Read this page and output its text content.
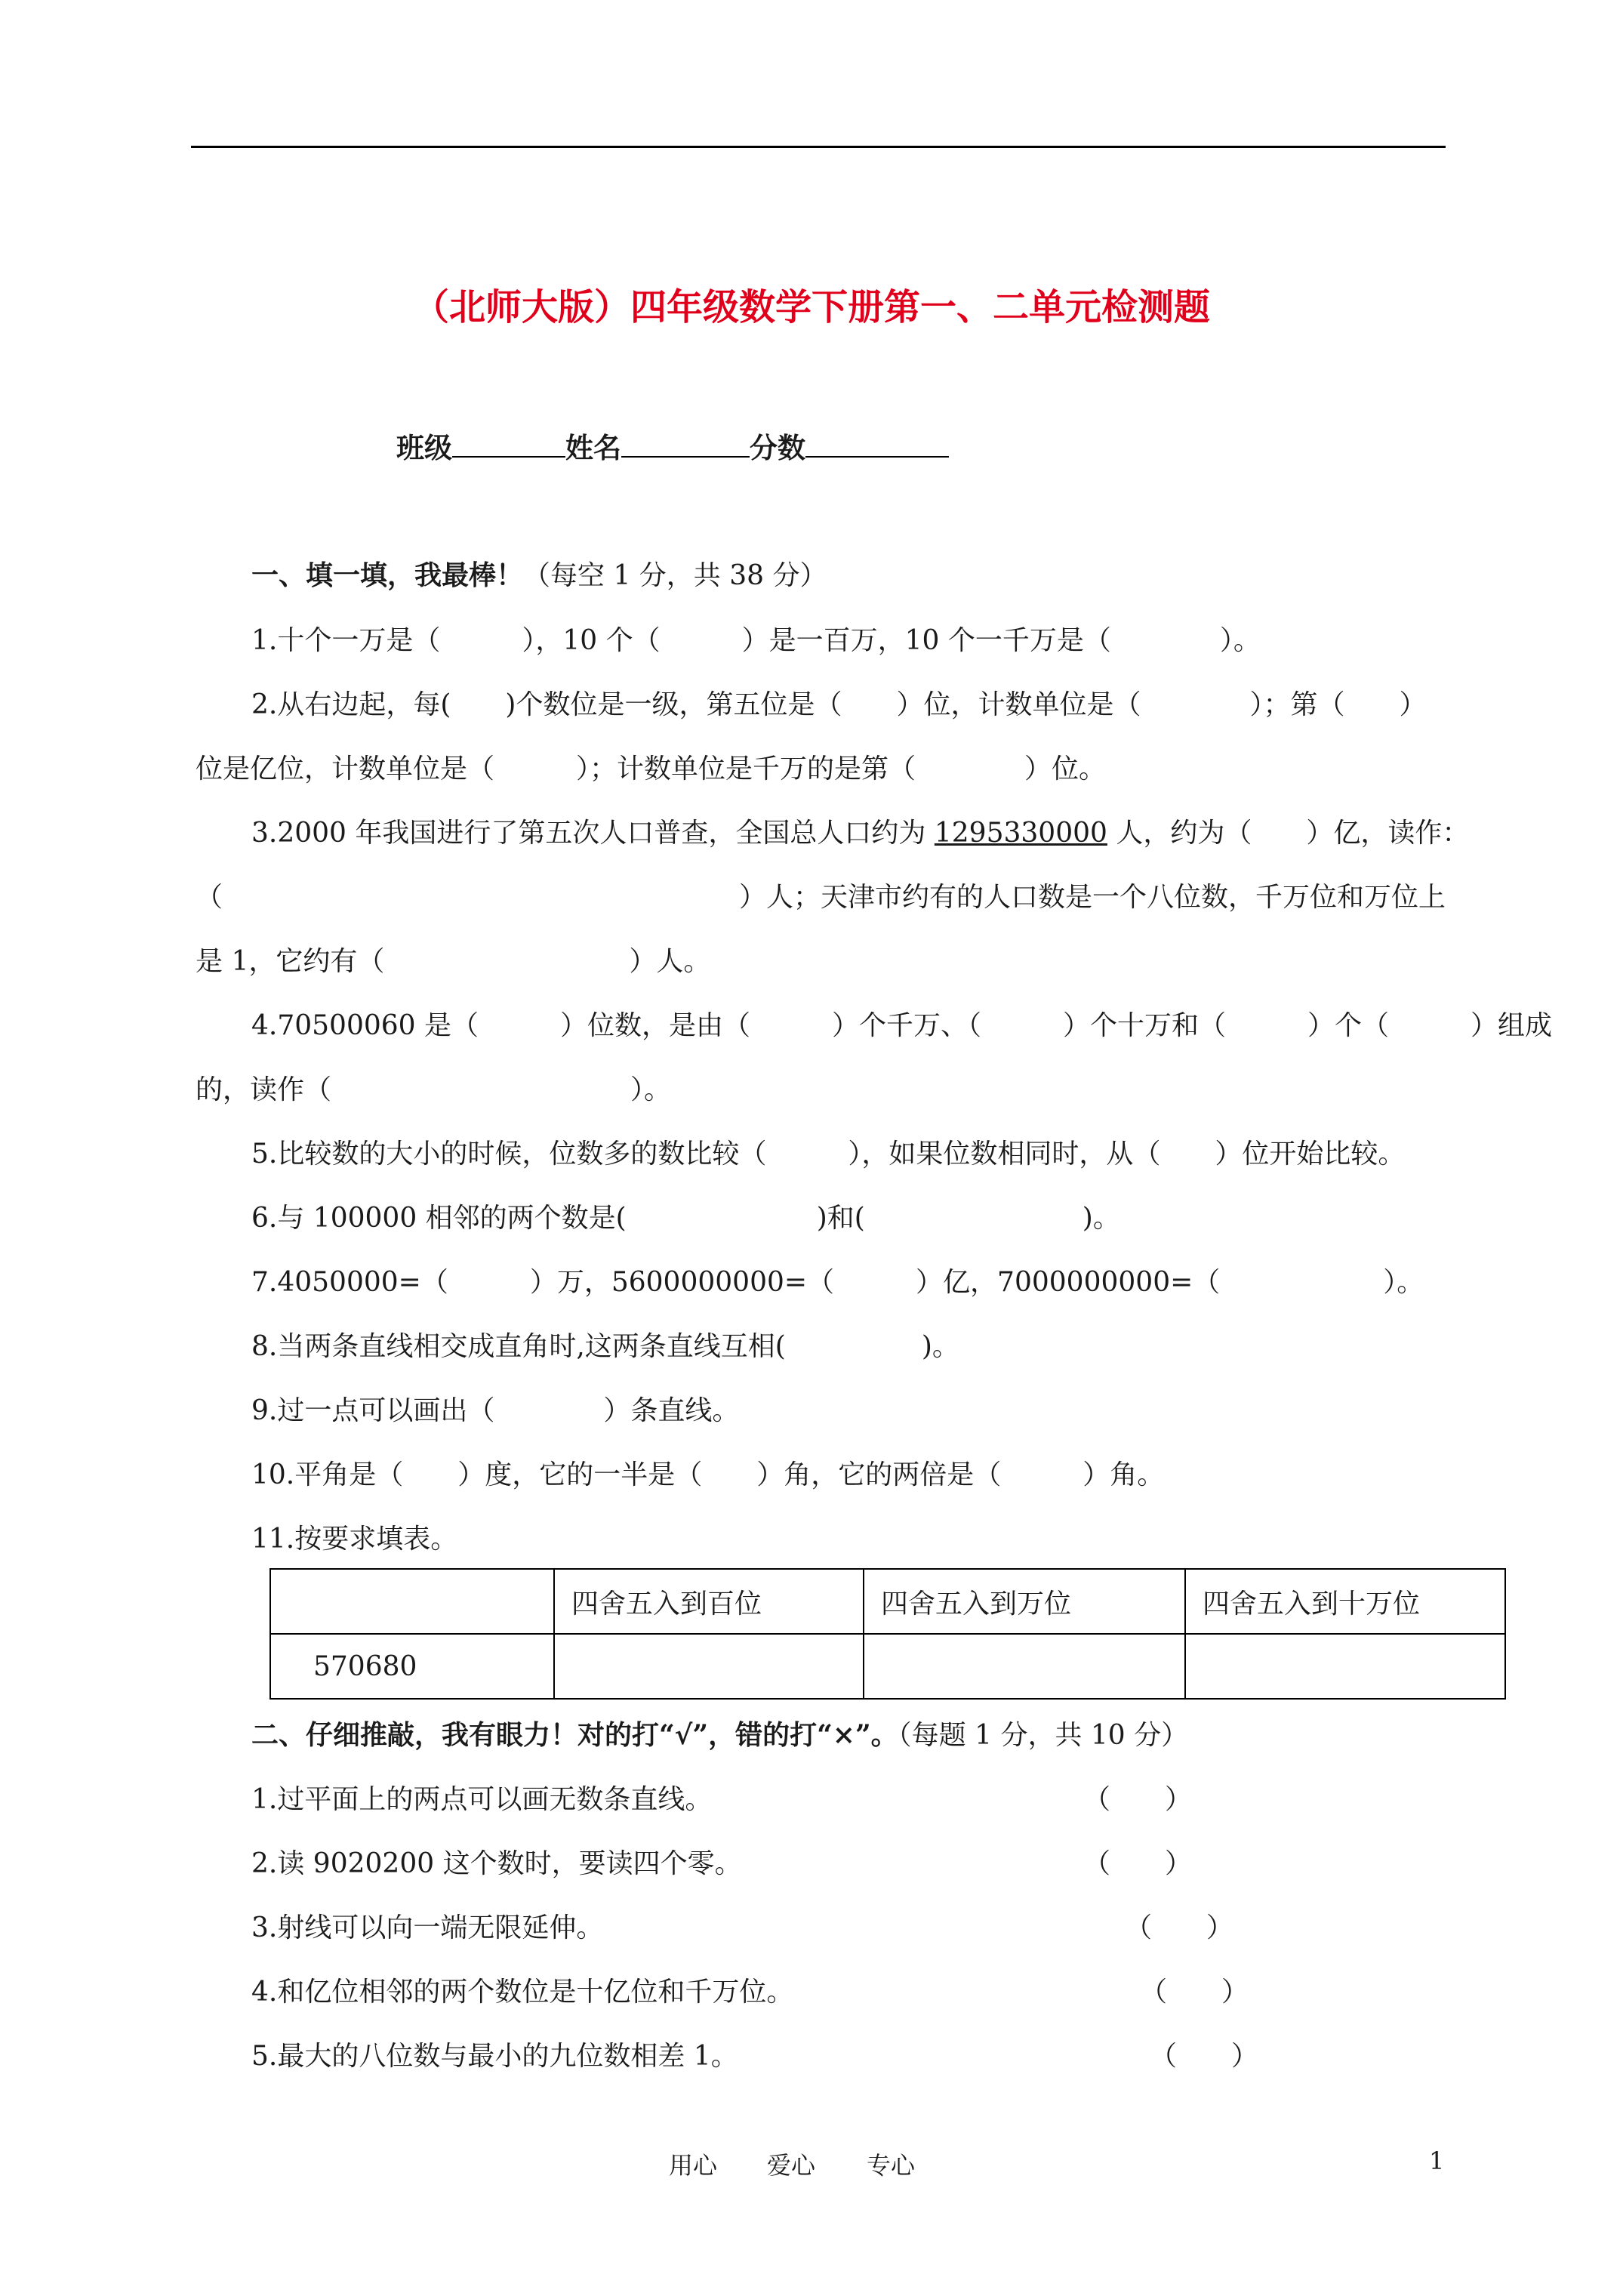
（北师大版）四年级数学下册第一、二单元检测题
班级	姓名	分数
一、填一填，我最棒！（每空 1 分，共 38 分）
1.十个一万是（　　　），10 个（　　　）是一百万，10 个一千万是（　　　　）。
2.从右边起，每(　　)个数位是一级，第五位是（　　）位，计数单位是（　　　　）；第（　　）
位是亿位，计数单位是（　　　）；计数单位是千万的是第（　　　　）位。
3.2000 年我国进行了第五次人口普查，全国总人口约为 1295330000 人，约为（　　）亿，读作：
（　　　　　　　　　　　　　　　　　　　）人；天津市约有的人口数是一个八位数，千万位和万位上
是 1，它约有（　　　　　　　　　）人。
4.70500060 是（　　　）位数，是由（　　　）个千万、（　　　）个十万和（　　　）个（　　　）组成
的，读作（　　　　　　　　　　　）。
5.比较数的大小的时候，位数多的数比较（　　　），如果位数相同时，从（　　）位开始比较。
6.与 100000 相邻的两个数是(　　　　　　　)和(　　　　　　　　)。
7.4050000=（　　　）万，5600000000=（　　　）亿，7000000000=（　　　　　　）。
8.当两条直线相交成直角时,这两条直线互相(　　　　　)。
9.过一点可以画出（　　　　）条直线。
10.平角是（　　）度，它的一半是（　　）角，它的两倍是（　　　）角。
11.按要求填表。
	四舍五入到百位	四舍五入到万位	四舍五入到十万位
570680			
二、仔细推敲，我有眼力！对的打“√”，错的打“×”。（每题 1 分，共 10 分）
1.过平面上的两点可以画无数条直线。	（　　）
2.读 9020200 这个数时，要读四个零。	（　　）
3.射线可以向一端无限延伸。	（　　）
4.和亿位相邻的两个数位是十亿位和千万位。	（　　）
5.最大的八位数与最小的九位数相差 1。	（　　）
用心 爱心 专心	1
